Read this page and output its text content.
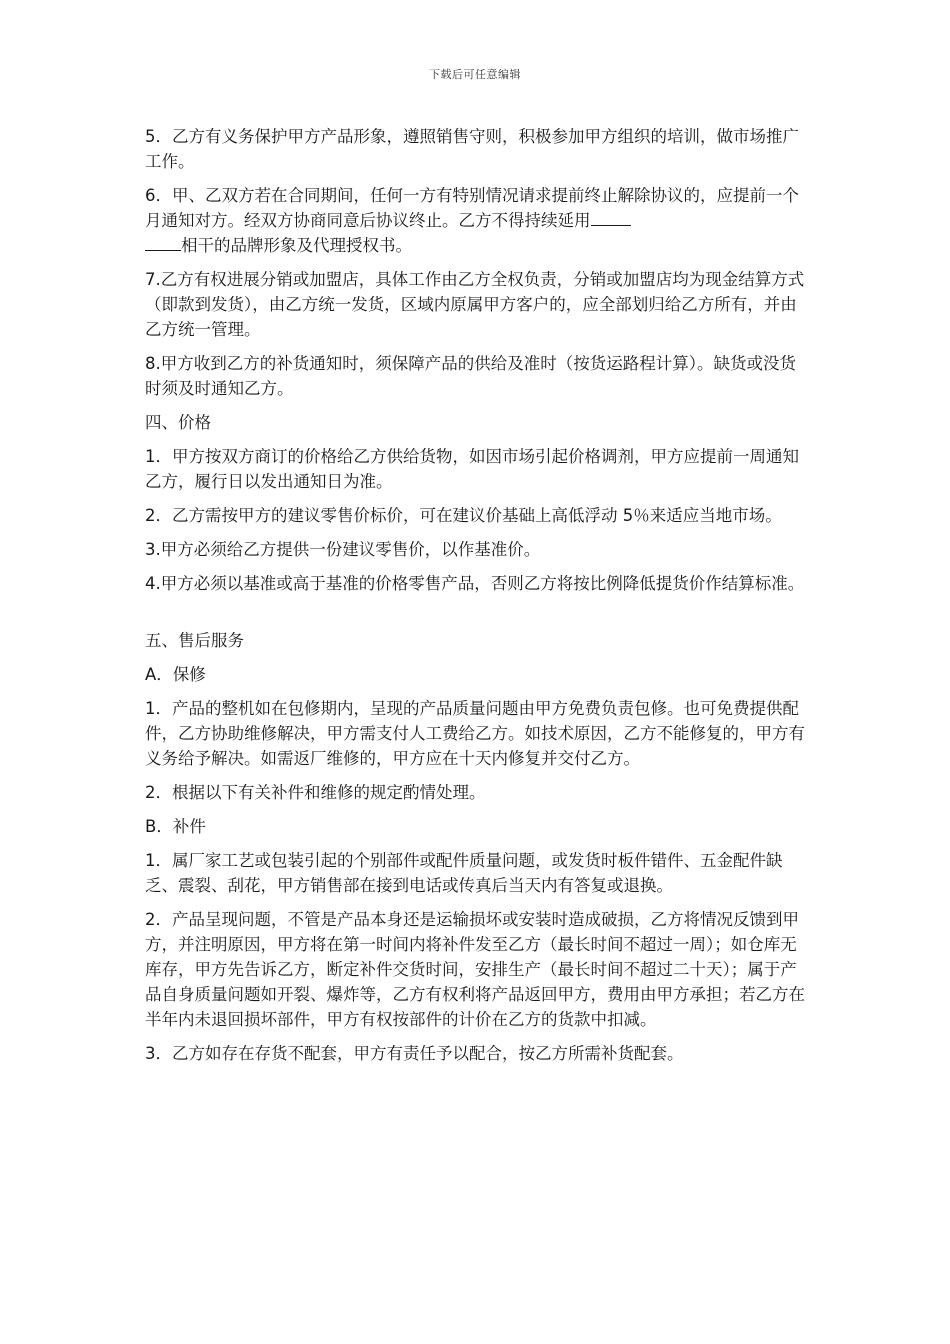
下载后可任意编辑

5．乙方有义务保护甲方产品形象，遵照销售守则，积极参加甲方组织的培训，做市场推广工作。

6．甲、乙双方若在合同期间，任何一方有特别情况请求提前终止解除协议的，应提前一个月通知对方。经双方协商同意后协议终止。乙方不得持续延用
相干的品牌形象及代理授权书。

7.乙方有权进展分销或加盟店，具体工作由乙方全权负责，分销或加盟店均为现金结算方式（即款到发货），由乙方统一发货，区域内原属甲方客户的，应全部划归给乙方所有，并由乙方统一管理。

8.甲方收到乙方的补货通知时，须保障产品的供给及准时（按货运路程计算）。缺货或没货时须及时通知乙方。

四、价格

1．甲方按双方商订的价格给乙方供给货物，如因市场引起价格调剂，甲方应提前一周通知乙方，履行日以发出通知日为准。

2．乙方需按甲方的建议零售价标价，可在建议价基础上高低浮动 5％来适应当地市场。

3.甲方必须给乙方提供一份建议零售价，以作基准价。

4.甲方必须以基准或高于基准的价格零售产品，否则乙方将按比例降低提货价作结算标准。

五、售后服务

A．保修

1．产品的整机如在包修期内，呈现的产品质量问题由甲方免费负责包修。也可免费提供配件，乙方协助维修解决，甲方需支付人工费给乙方。如技术原因，乙方不能修复的，甲方有义务给予解决。如需返厂维修的，甲方应在十天内修复并交付乙方。

2．根据以下有关补件和维修的规定酌情处理。

B．补件

1．属厂家工艺或包装引起的个别部件或配件质量问题，或发货时板件错件、五金配件缺乏、震裂、刮花，甲方销售部在接到电话或传真后当天内有答复或退换。

2．产品呈现问题，不管是产品本身还是运输损坏或安装时造成破损，乙方将情况反馈到甲方，并注明原因，甲方将在第一时间内将补件发至乙方（最长时间不超过一周）；如仓库无库存，甲方先告诉乙方，断定补件交货时间，安排生产（最长时间不超过二十天）；属于产品自身质量问题如开裂、爆炸等，乙方有权利将产品返回甲方，费用由甲方承担；若乙方在半年内未退回损坏部件，甲方有权按部件的计价在乙方的货款中扣减。

3．乙方如存在存货不配套，甲方有责任予以配合，按乙方所需补货配套。
